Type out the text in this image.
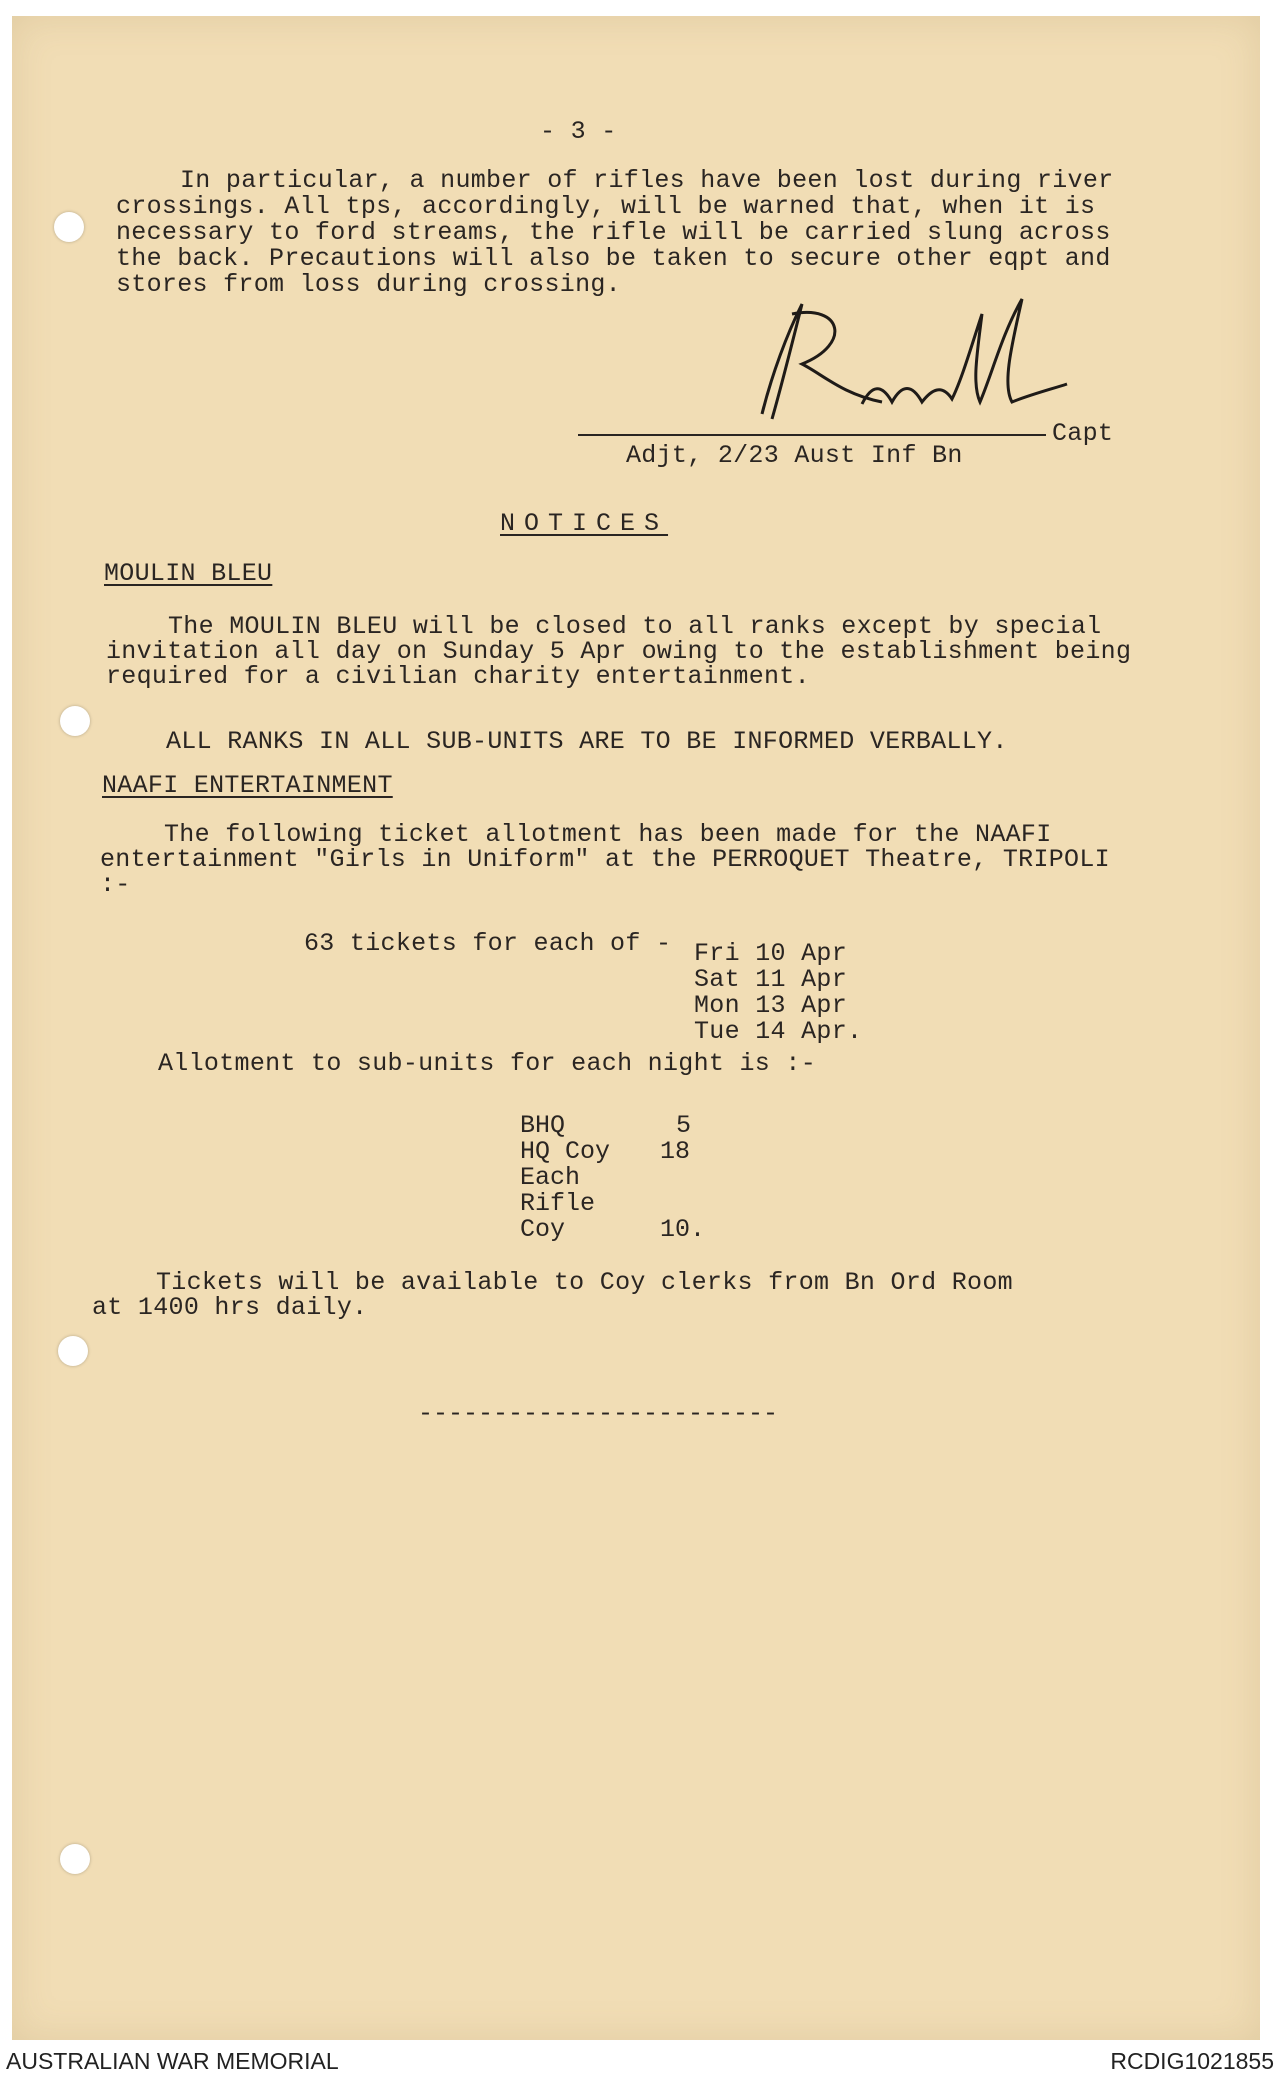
- 3 -
In particular, a number of rifles have been lost during river crossings. All tps, accordingly, will be warned that, when it is necessary to ford streams, the rifle will be carried slung across the back. Precautions will also be taken to secure other eqpt and stores from loss during crossing.
Capt
Adjt, 2/23 Aust Inf Bn
NOTICES
MOULIN BLEU
The MOULIN BLEU will be closed to all ranks except by special invitation all day on Sunday 5 Apr owing to the establishment being required for a civilian charity entertainment.
ALL RANKS IN ALL SUB-UNITS ARE TO BE INFORMED VERBALLY.
NAAFI ENTERTAINMENT
The following ticket allotment has been made for the NAAFI entertainment "Girls in Uniform" at the PERROQUET Theatre, TRIPOLI :-
63 tickets for each of - Fri 10 Apr
Sat 11 Apr
Mon 13 Apr
Tue 14 Apr.
Allotment to sub-units for each night is :-
BHQ	5
HQ Coy 18
Each
Rifle
Coy	10.
Tickets will be available to Coy clerks from Bn Ord Room at 1400 hrs daily.
------------------------
AUSTRALIAN WAR MEMORIAL	RCDIG1021855
